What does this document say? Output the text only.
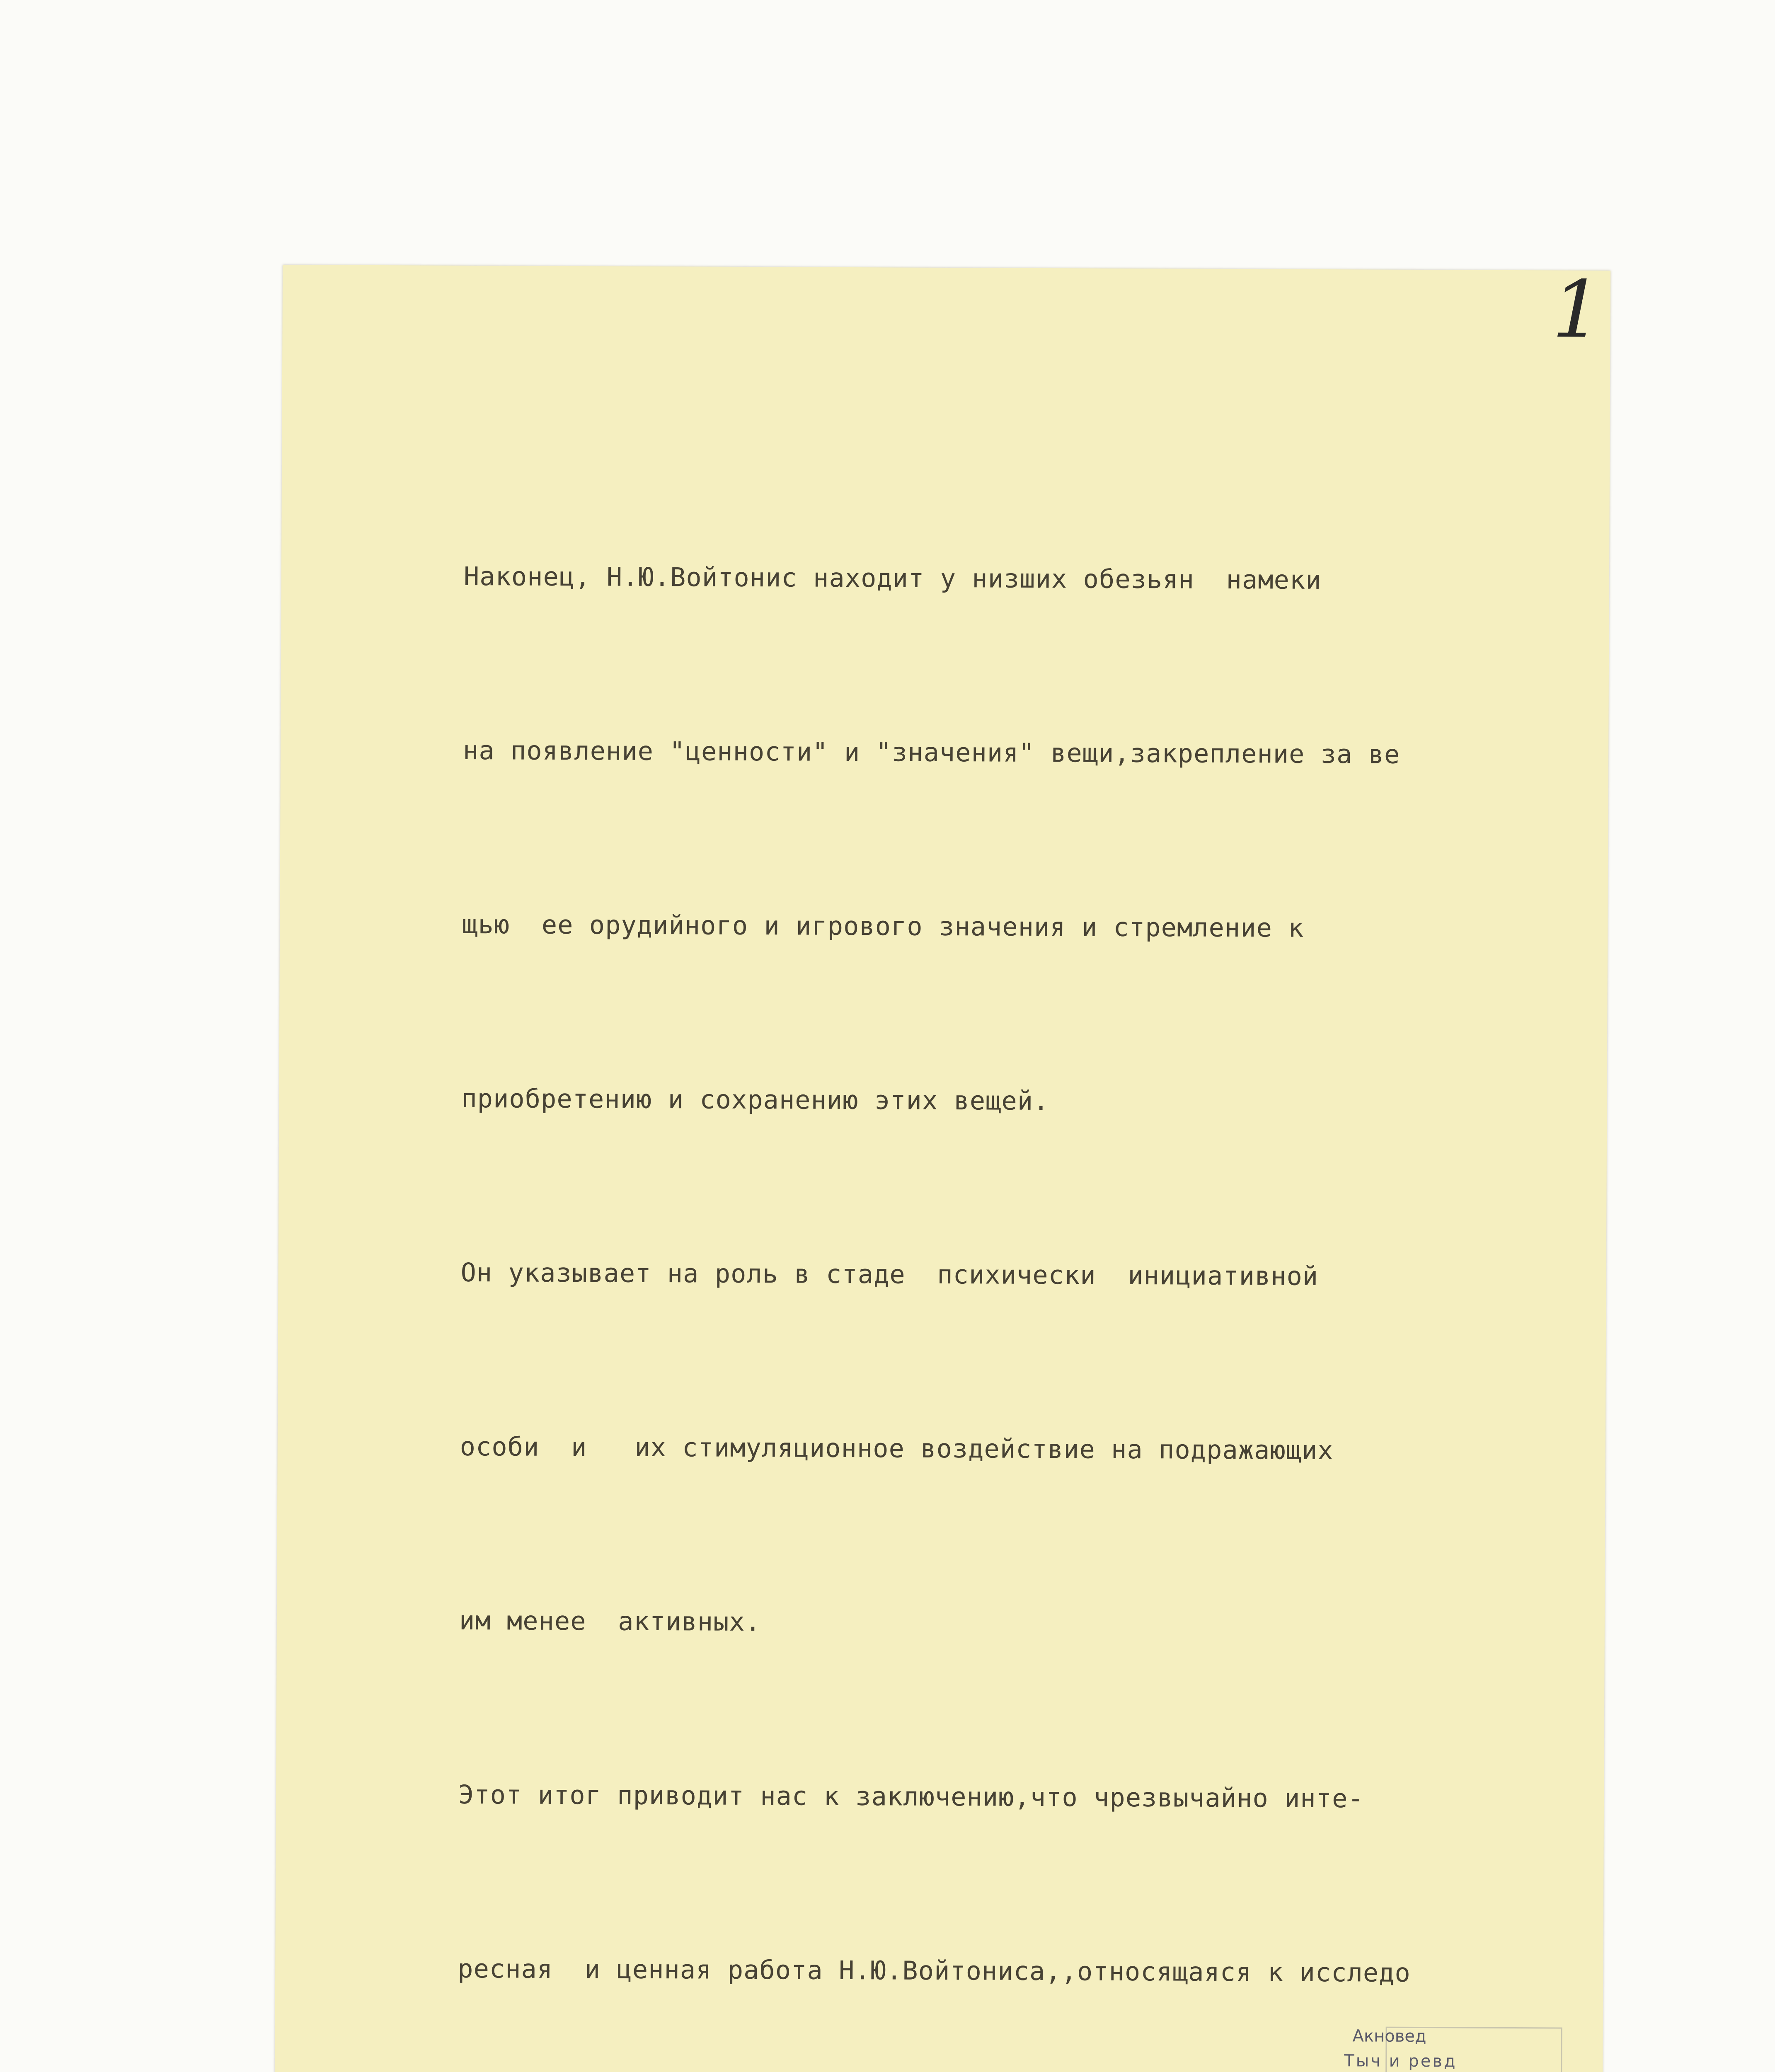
1

Наконец, Н.Ю.Войтонис находит у низших обезьян  намеки

на появление "ценности" и "значения" вещи,закрепление за ве

щью  ее орудийного и игрового значения и стремление к

приобретению и сохранению этих вещей.

Он указывает на роль в стаде  психически  инициативной

особи  и   их стимуляционное воздействие на подражающих

им менее  активных.

Этот итог приводит нас к заключению,что чрезвычайно инте-

ресная  и ценная работа Н.Ю.Войтониса,,относящаяся к исследо

Акновед
Тыч и ревд
